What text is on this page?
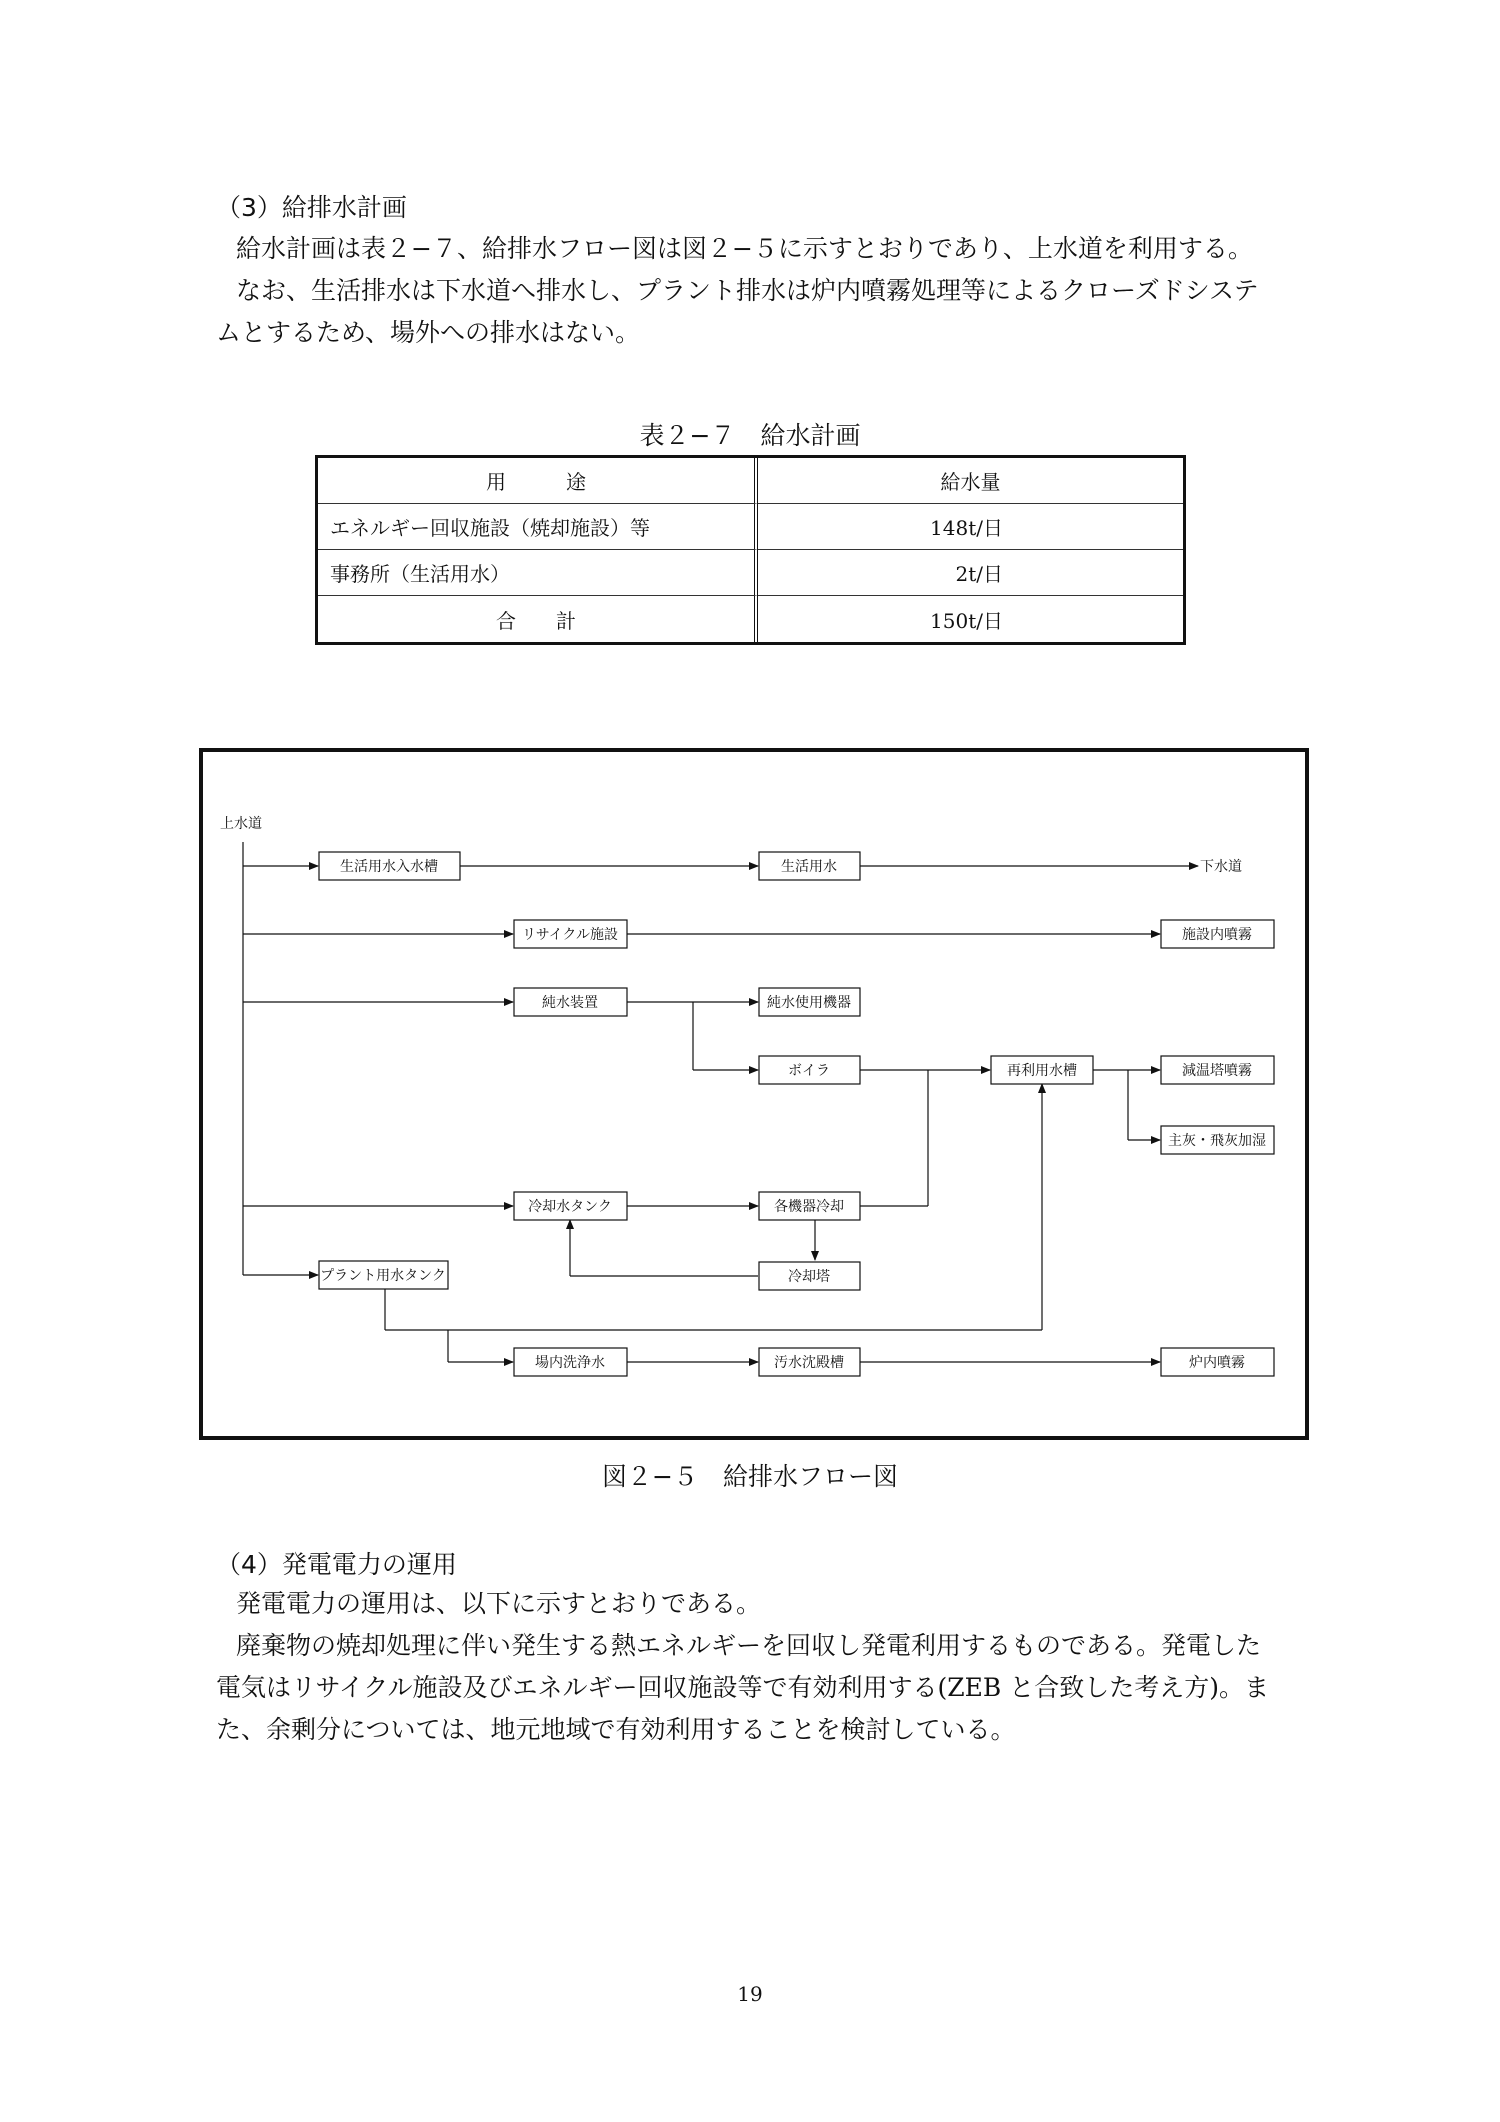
（3）給排水計画
給水計画は表２−７、給排水フロー図は図２−５に示すとおりであり、上水道を利用する。
なお、生活排水は下水道へ排水し、プラント排水は炉内噴霧処理等によるクローズドシステ
ムとするため、場外への排水はない。
表２−７　給水計画
用　　　途	給水量
エネルギー回収施設（焼却施設）等	148t/日
事務所（生活用水）	2t/日
合　　計	150t/日
上水道
生活用水入水槽	生活用水
リサイクル施設	施設内噴霧
純水装置	純水使用機器
ボイラ	再利用水槽	減温塔噴霧
主灰・飛灰加湿
冷却水タンク	各機器冷却
冷却塔
プラント用水タンク
場内洗浄水	汚水沈殿槽	炉内噴霧
下水道
図２−５　給排水フロー図
（4）発電電力の運用
発電電力の運用は、以下に示すとおりである。
廃棄物の焼却処理に伴い発生する熱エネルギーを回収し発電利用するものである。発電した
電気はリサイクル施設及びエネルギー回収施設等で有効利用する(ZEB と合致した考え方)。ま
た、余剰分については、地元地域で有効利用することを検討している。
19
